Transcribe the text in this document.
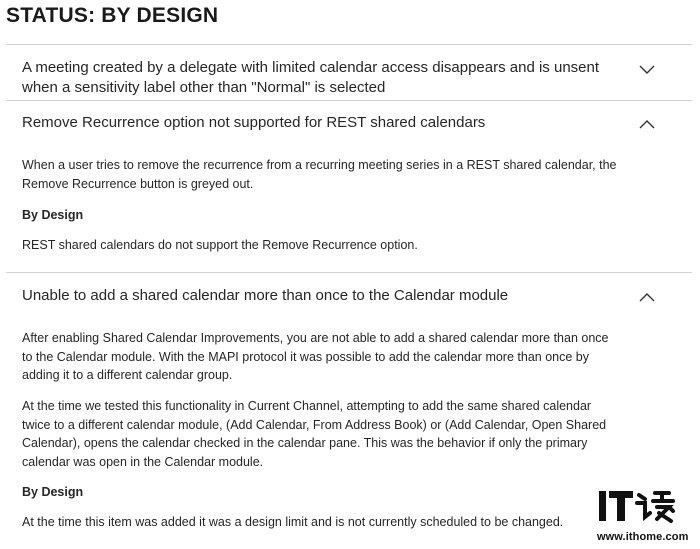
STATUS: BY DESIGN
A meeting created by a delegate with limited calendar access disappears and is unsent when a sensitivity label other than "Normal" is selected
Remove Recurrence option not supported for REST shared calendars

When a user tries to remove the recurrence from a recurring meeting series in a REST shared calendar, the Remove Recurrence button is greyed out.

By Design

REST shared calendars do not support the Remove Recurrence option.

Unable to add a shared calendar more than once to the Calendar module

After enabling Shared Calendar Improvements, you are not able to add a shared calendar more than once to the Calendar module. With the MAPI protocol it was possible to add the calendar more than once by adding it to a different calendar group.

At the time we tested this functionality in Current Channel, attempting to add the same shared calendar twice to a different calendar module, (Add Calendar, From Address Book) or (Add Calendar, Open Shared Calendar), opens the calendar checked in the calendar pane. This was the behavior if only the primary calendar was open in the Calendar module.

By Design

At the time this item was added it was a design limit and is not currently scheduled to be changed.

www.ithome.com
